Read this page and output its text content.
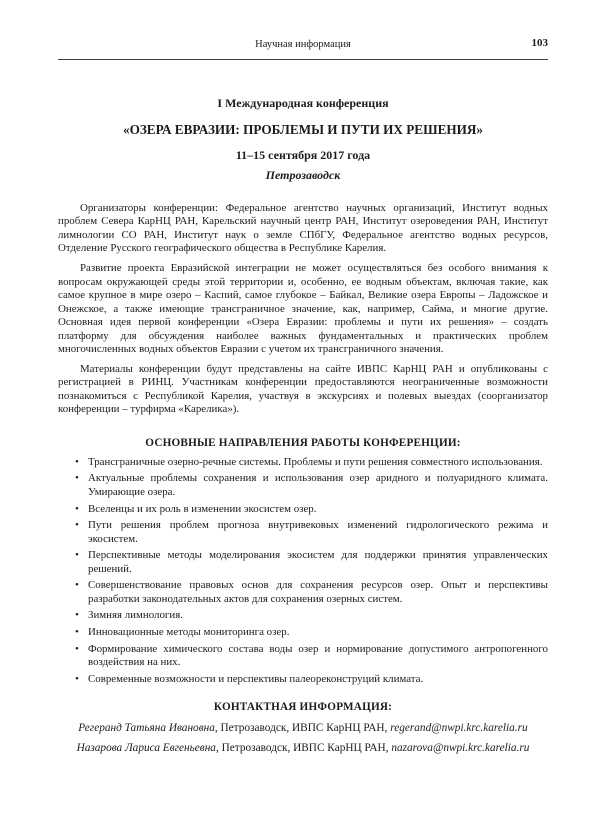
Научная информация	103
I Международная конференция
«ОЗЕРА ЕВРАЗИИ: ПРОБЛЕМЫ И ПУТИ ИХ РЕШЕНИЯ»
11–15 сентября 2017 года
Петрозаводск

Организаторы конференции: Федеральное агентство научных организаций, Институт водных проблем Севера КарНЦ РАН, Карельский научный центр РАН, Институт озероведения РАН, Институт лимнологии СО РАН, Институт наук о земле СПбГУ, Федеральное агентство водных ресурсов, Отделение Русского географического общества в Республике Карелия.

Развитие проекта Евразийской интеграции не может осуществляться без особого внимания к вопросам окружающей среды этой территории и, особенно, ее водным объектам, включая такие, как самое крупное в мире озеро – Каспий, самое глубокое – Байкал, Великие озера Европы – Ладожское и Онежское, а также имеющие трансграничное значение, как, например, Сайма, и многие другие. Основная идея первой конференции «Озера Евразии: проблемы и пути их решения» – создать платформу для обсуждения наиболее важных фундаментальных и практических проблем многочисленных водных объектов Евразии с учетом их трансграничного значения.

Материалы конференции будут представлены на сайте ИВПС КарНЦ РАН и опубликованы с регистрацией в РИНЦ. Участникам конференции предоставляются неограниченные возможности познакомиться с Республикой Карелия, участвуя в экскурсиях и полевых выездах (соорганизатор конференции – турфирма «Карелика»).

ОСНОВНЫЕ НАПРАВЛЕНИЯ РАБОТЫ КОНФЕРЕНЦИИ:
• Трансграничные озерно-речные системы. Проблемы и пути решения совместного использования.
• Актуальные проблемы сохранения и использования озер аридного и полуаридного климата. Умирающие озера.
• Вселенцы и их роль в изменении экосистем озер.
• Пути решения проблем прогноза внутривековых изменений гидрологического режима и экосистем.
• Перспективные методы моделирования экосистем для поддержки принятия управленческих решений.
• Совершенствование правовых основ для сохранения ресурсов озер. Опыт и перспективы разработки законодательных актов для сохранения озерных систем.
• Зимняя лимнология.
• Инновационные методы мониторинга озер.
• Формирование химического состава воды озер и нормирование допустимого антропогенного воздействия на них.
• Современные возможности и перспективы палеореконструций климата.
КОНТАКТНАЯ ИНФОРМАЦИЯ:

Регеранд Татьяна Ивановна, Петрозаводск, ИВПС КарНЦ РАН, regerand@nwpi.krc.karelia.ru

Назарова Лариса Евгеньевна, Петрозаводск, ИВПС КарНЦ РАН, nazarova@nwpi.krc.karelia.ru
